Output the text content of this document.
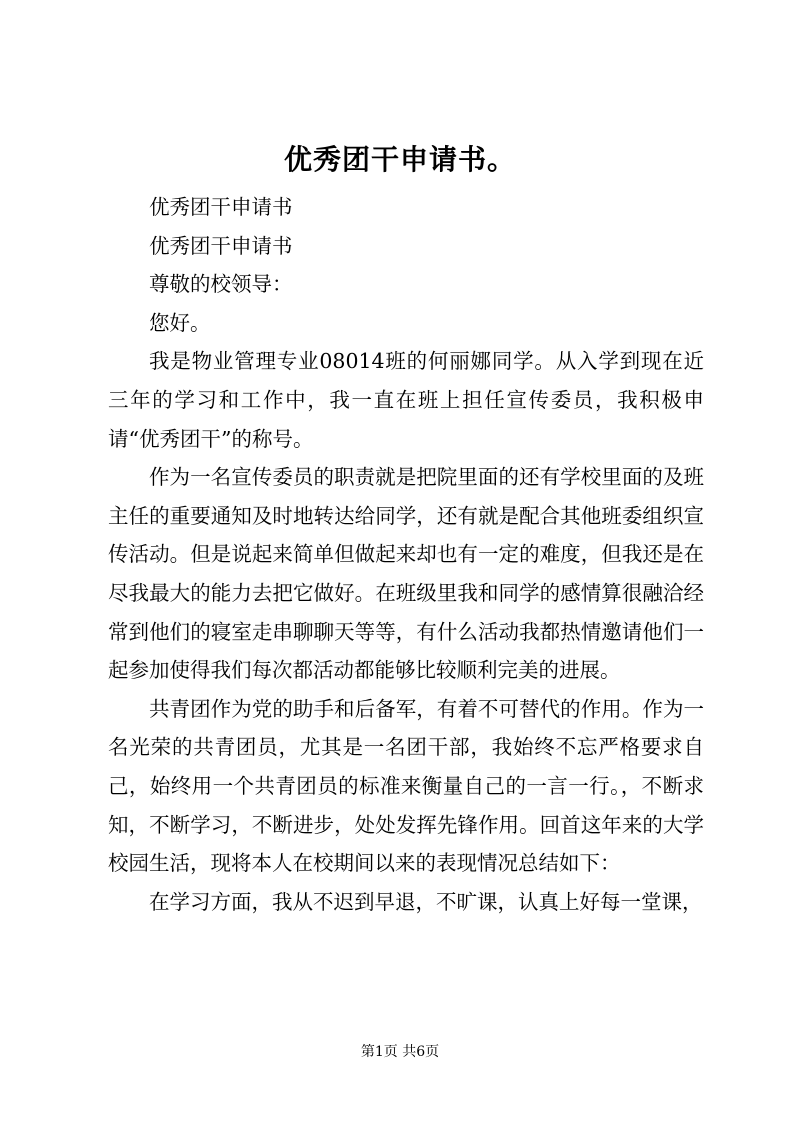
优秀团干申请书。

优秀团干申请书

优秀团干申请书

尊敬的校领导：

您好。

我是物业管理专业08014班的何丽娜同学。从入学到现在近三年的学习和工作中，我一直在班上担任宣传委员，我积极申请“优秀团干”的称号。

作为一名宣传委员的职责就是把院里面的还有学校里面的及班主任的重要通知及时地转达给同学，还有就是配合其他班委组织宣传活动。但是说起来简单但做起来却也有一定的难度，但我还是在尽我最大的能力去把它做好。在班级里我和同学的感情算很融洽经常到他们的寝室走串聊聊天等等，有什么活动我都热情邀请他们一起参加使得我们每次都活动都能够比较顺利完美的进展。

共青团作为党的助手和后备军，有着不可替代的作用。作为一名光荣的共青团员，尤其是一名团干部，我始终不忘严格要求自己，始终用一个共青团员的标准来衡量自己的一言一行。，不断求知，不断学习，不断进步，处处发挥先锋作用。回首这年来的大学校园生活，现将本人在校期间以来的表现情况总结如下：

在学习方面，我从不迟到早退，不旷课，认真上好每一堂课，

第1页 共6页
